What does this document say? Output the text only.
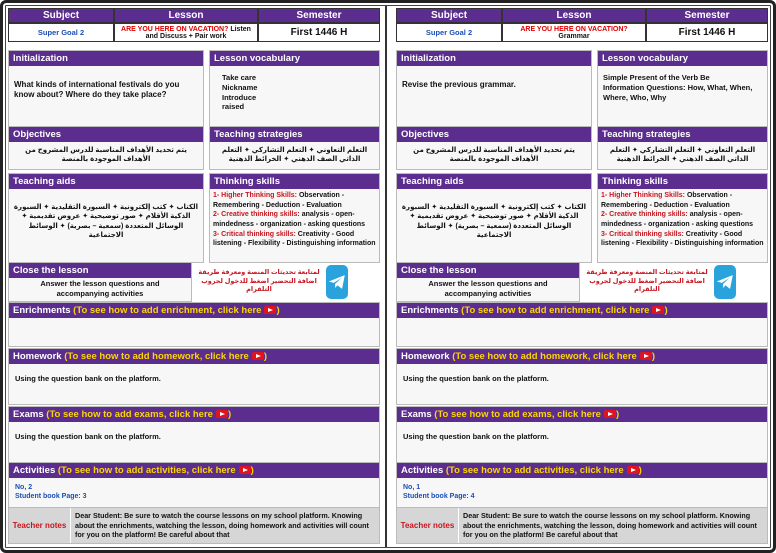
Subject	Lesson	Semester
Super Goal 2	ARE YOU HERE ON VACATION? Listen and Discuss + Pair work	First 1446 H
Initialization
What kinds of international festivals do you know about? Where do they take place?
Lesson vocabulary
Take care
Nickname
Introduce
raised
Objectives
يتم تحديد الأهداف المناسبة للدرس المشروح من الأهداف الموجودة بالمنصة
Teaching strategies
التعلم التعاوني ✦ التعلم التشاركي ✦ التعلم الذاتي الصف الذهني ✦ الخرائط الذهنية
Teaching aids
الكتاب ✦ كتب إلكترونية ✦ السبورة التقليدية ✦ السبورة الذكية الأقلام ✦ صور توضيحية ✦ عروض تقديمية ✦ الوسائل المتعددة (سمعية – بصرية) ✦ الوسائط الاجتماعية
Thinking skills
1- Higher Thinking Skills: Observation - Remembering - Deduction - Evaluation
2- Creative thinking skills: analysis - open-mindedness - organization - asking questions
3- Critical thinking skills: Creativity - Good listening - Flexibility - Distinguishing information
Close the lesson
Answer the lesson questions and accompanying activities
لمتابعة تحديثات المنصة ومعرفة طريقة اضافة التحضير اضغط للدخول لجروب التلقرام
Enrichments (To see how to add enrichment, click here )
Homework (To see how to add homework, click here )
Using the question bank on the platform.
Exams (To see how to add exams, click here )
Using the question bank on the platform.
Activities (To see how to add activities, click here )
No, 2
Student book Page: 3
Teacher notes
Dear Student: Be sure to watch the course lessons on my school platform. Knowing about the enrichments, watching the lesson, doing homework and activities will count for you on the platform! Be careful about that
Subject	Lesson	Semester
Super Goal 2	ARE YOU HERE ON VACATION? Grammar	First 1446 H
Initialization
Revise the previous grammar.
Lesson vocabulary
Simple Present of the Verb Be
Information Questions: How, What, When, Where, Who, Why
Objectives
يتم تحديد الأهداف المناسبة للدرس المشروح من الأهداف الموجودة بالمنصة
Teaching strategies
التعلم التعاوني ✦ التعلم التشاركي ✦ التعلم الذاتي الصف الذهني ✦ الخرائط الذهنية
Teaching aids
الكتاب ✦ كتب إلكترونية ✦ السبورة التقليدية ✦ السبورة الذكية الأقلام ✦ صور توضيحية ✦ عروض تقديمية ✦ الوسائل المتعددة (سمعية – بصرية) ✦ الوسائط الاجتماعية
Thinking skills
1- Higher Thinking Skills: Observation - Remembering - Deduction - Evaluation
2- Creative thinking skills: analysis - open-mindedness - organization - asking questions
3- Critical thinking skills: Creativity - Good listening - Flexibility - Distinguishing information
Close the lesson
Answer the lesson questions and accompanying activities
لمتابعة تحديثات المنصة ومعرفة طريقة اضافة التحضير اضغط للدخول لجروب التلقرام
Enrichments (To see how to add enrichment, click here )
Homework (To see how to add homework, click here )
Using the question bank on the platform.
Exams (To see how to add exams, click here )
Using the question bank on the platform.
Activities (To see how to add activities, click here )
No, 1
Student book Page: 4
Teacher notes
Dear Student: Be sure to watch the course lessons on my school platform. Knowing about the enrichments, watching the lesson, doing homework and activities will count for you on the platform! Be careful about that
